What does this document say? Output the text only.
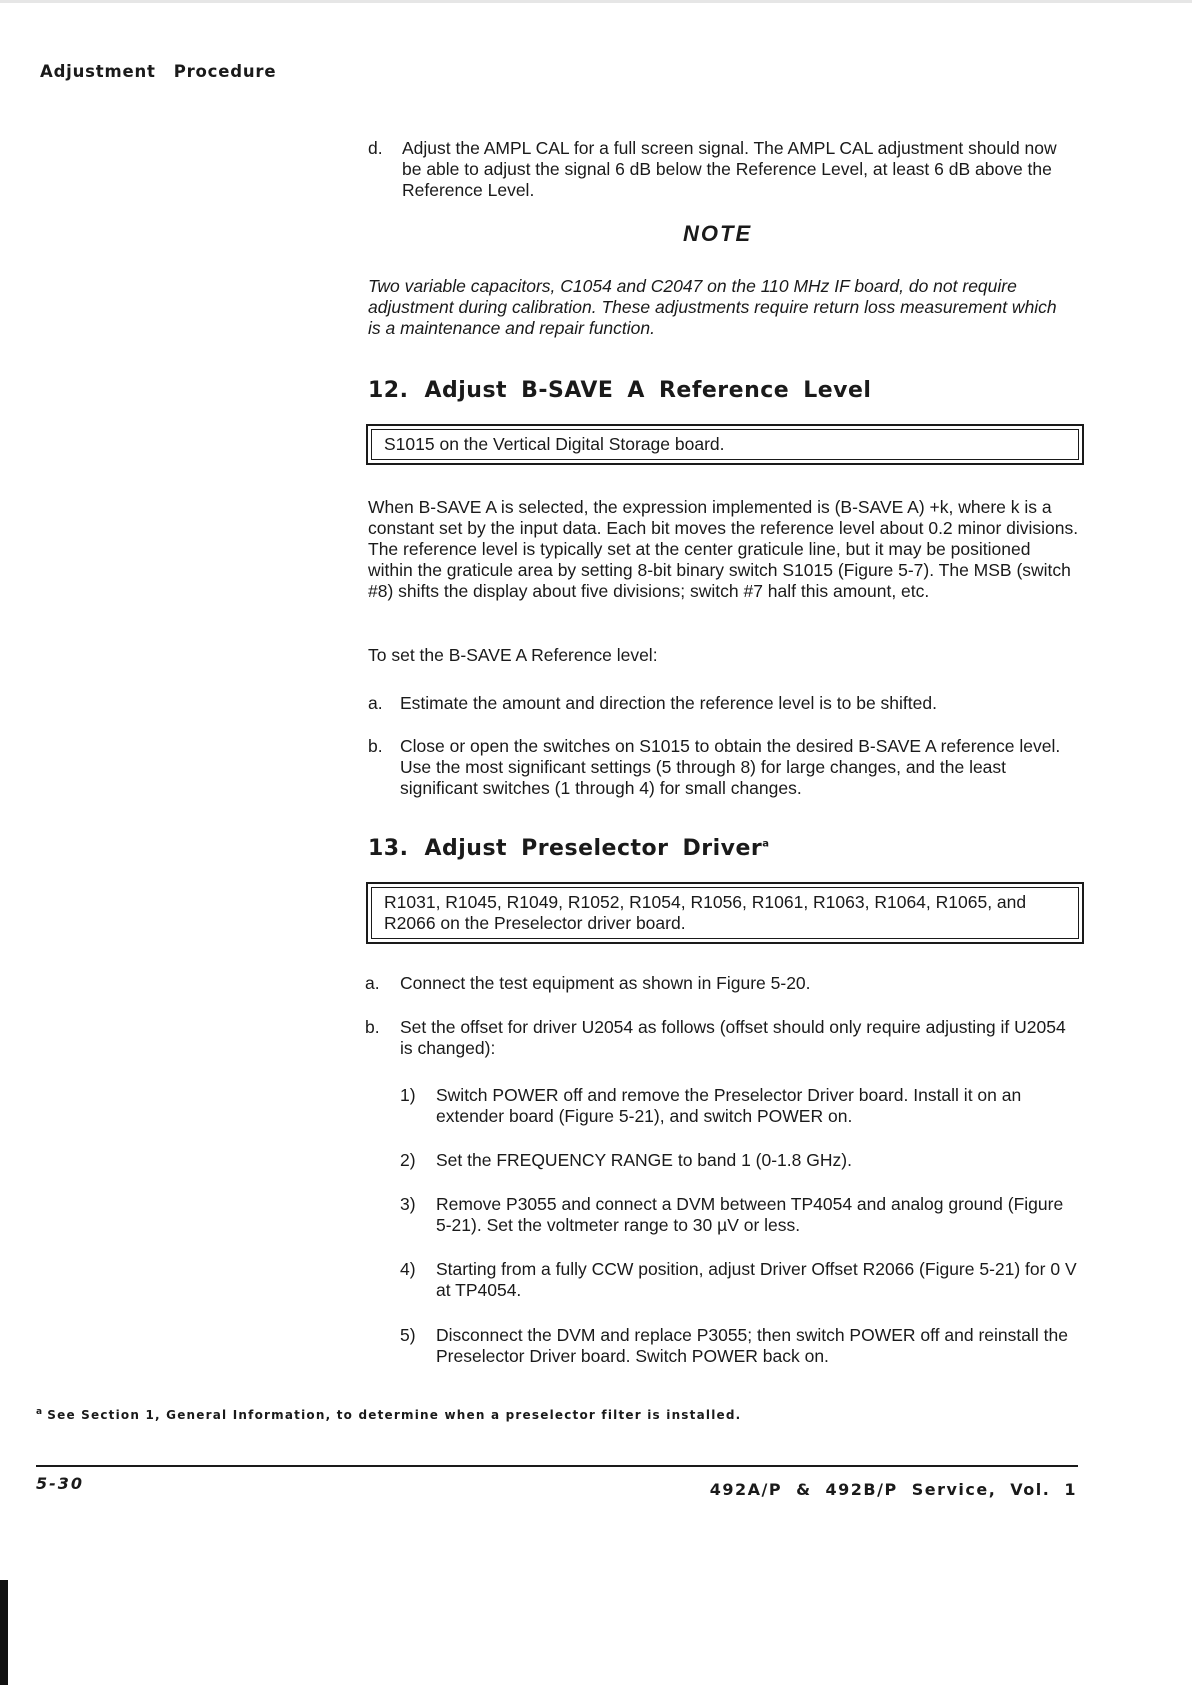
Adjustment Procedure
d. Adjust the AMPL CAL for a full screen signal. The AMPL CAL adjustment should now be able to adjust the signal 6 dB below the Reference Level, at least 6 dB above the Reference Level.
NOTE
Two variable capacitors, C1054 and C2047 on the 110 MHz IF board, do not require adjustment during calibration. These adjustments require return loss measurement which is a maintenance and repair function.
12. Adjust B-SAVE A Reference Level
S1015 on the Vertical Digital Storage board.
When B-SAVE A is selected, the expression implemented is (B-SAVE A) +k, where k is a constant set by the input data. Each bit moves the reference level about 0.2 minor divisions. The reference level is typically set at the center graticule line, but it may be positioned within the graticule area by setting 8-bit binary switch S1015 (Figure 5-7). The MSB (switch #8) shifts the display about five divisions; switch #7 half this amount, etc.
To set the B-SAVE A Reference level:
a. Estimate the amount and direction the reference level is to be shifted.
b. Close or open the switches on S1015 to obtain the desired B-SAVE A reference level. Use the most significant settings (5 through 8) for large changes, and the least significant switches (1 through 4) for small changes.
13. Adjust Preselector Driver$^a$
R1031, R1045, R1049, R1052, R1054, R1056, R1061, R1063, R1064, R1065, and R2066 on the Preselector driver board.
a. Connect the test equipment as shown in Figure 5-20.
b. Set the offset for driver U2054 as follows (offset should only require adjusting if U2054 is changed):
1) Switch POWER off and remove the Preselector Driver board. Install it on an extender board (Figure 5-21), and switch POWER on.
2) Set the FREQUENCY RANGE to band 1 (0-1.8 GHz).
3) Remove P3055 and connect a DVM between TP4054 and analog ground (Figure 5-21). Set the voltmeter range to 30 µV or less.
4) Starting from a fully CCW position, adjust Driver Offset R2066 (Figure 5-21) for 0 V at TP4054.
5) Disconnect the DVM and replace P3055; then switch POWER off and reinstall the Preselector Driver board. Switch POWER back on.
$^a$ See Section 1, General Information, to determine when a preselector filter is installed.
5-30	492A/P & 492B/P Service, Vol. 1
